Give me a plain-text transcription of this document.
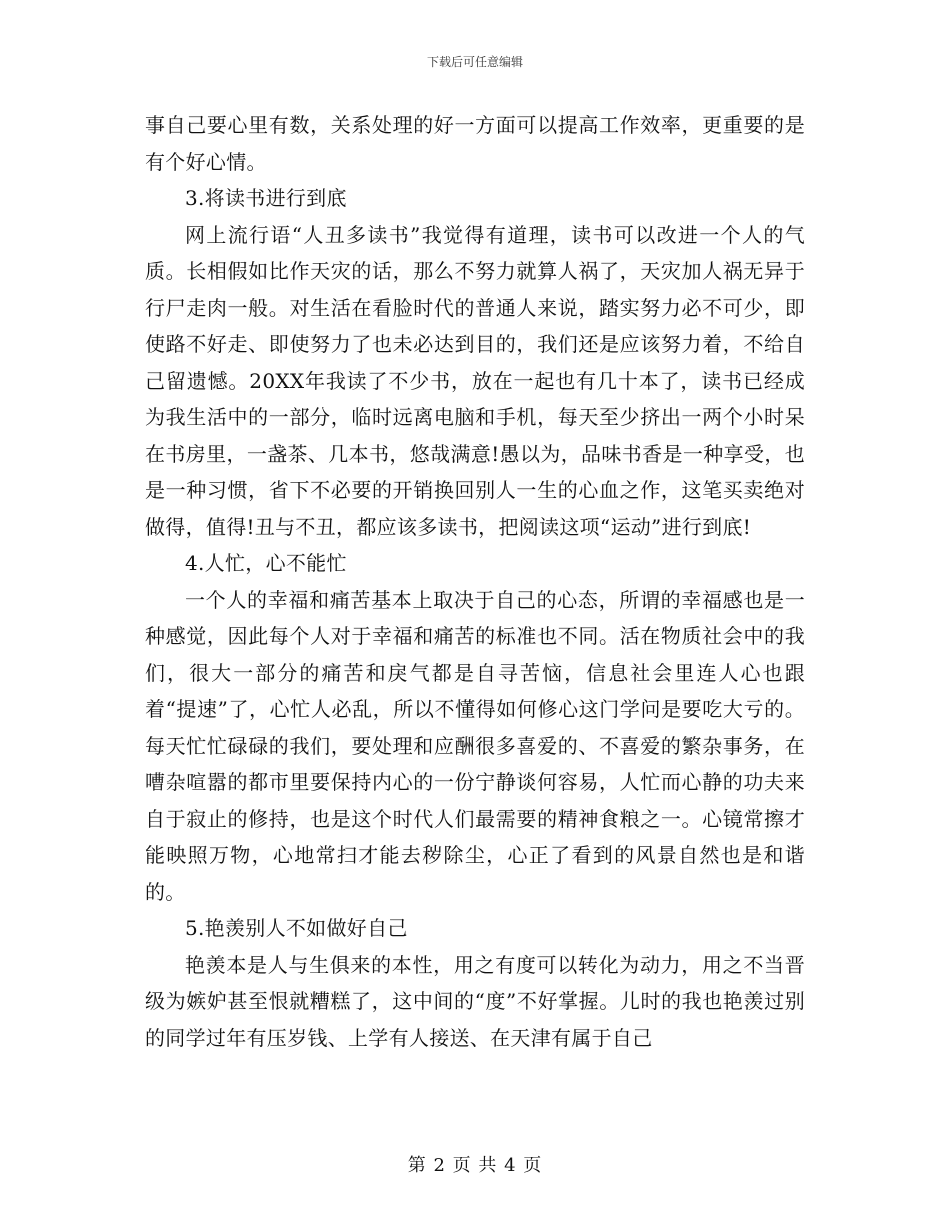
下载后可任意编辑

事自己要心里有数，关系处理的好一方面可以提高工作效率，更重要的是有个好心情。

3.将读书进行到底

网上流行语“人丑多读书”我觉得有道理，读书可以改进一个人的气质。长相假如比作天灾的话，那么不努力就算人祸了，天灾加人祸无异于行尸走肉一般。对生活在看脸时代的普通人来说，踏实努力必不可少，即使路不好走、即使努力了也未必达到目的，我们还是应该努力着，不给自己留遗憾。20XX年我读了不少书，放在一起也有几十本了，读书已经成为我生活中的一部分，临时远离电脑和手机，每天至少挤出一两个小时呆在书房里，一盏茶、几本书，悠哉满意!愚以为，品味书香是一种享受，也是一种习惯，省下不必要的开销换回别人一生的心血之作，这笔买卖绝对做得，值得!丑与不丑，都应该多读书，把阅读这项“运动”进行到底!

4.人忙，心不能忙

一个人的幸福和痛苦基本上取决于自己的心态，所谓的幸福感也是一种感觉，因此每个人对于幸福和痛苦的标准也不同。活在物质社会中的我们，很大一部分的痛苦和戾气都是自寻苦恼，信息社会里连人心也跟着“提速”了，心忙人必乱，所以不懂得如何修心这门学问是要吃大亏的。每天忙忙碌碌的我们，要处理和应酬很多喜爱的、不喜爱的繁杂事务，在嘈杂喧嚣的都市里要保持内心的一份宁静谈何容易，人忙而心静的功夫来自于寂止的修持，也是这个时代人们最需要的精神食粮之一。心镜常擦才能映照万物，心地常扫才能去秽除尘，心正了看到的风景自然也是和谐的。

5.艳羡别人不如做好自己

艳羡本是人与生俱来的本性，用之有度可以转化为动力，用之不当晋级为嫉妒甚至恨就糟糕了，这中间的“度”不好掌握。儿时的我也艳羡过别的同学过年有压岁钱、上学有人接送、在天津有属于自己

第 2 页 共 4 页
